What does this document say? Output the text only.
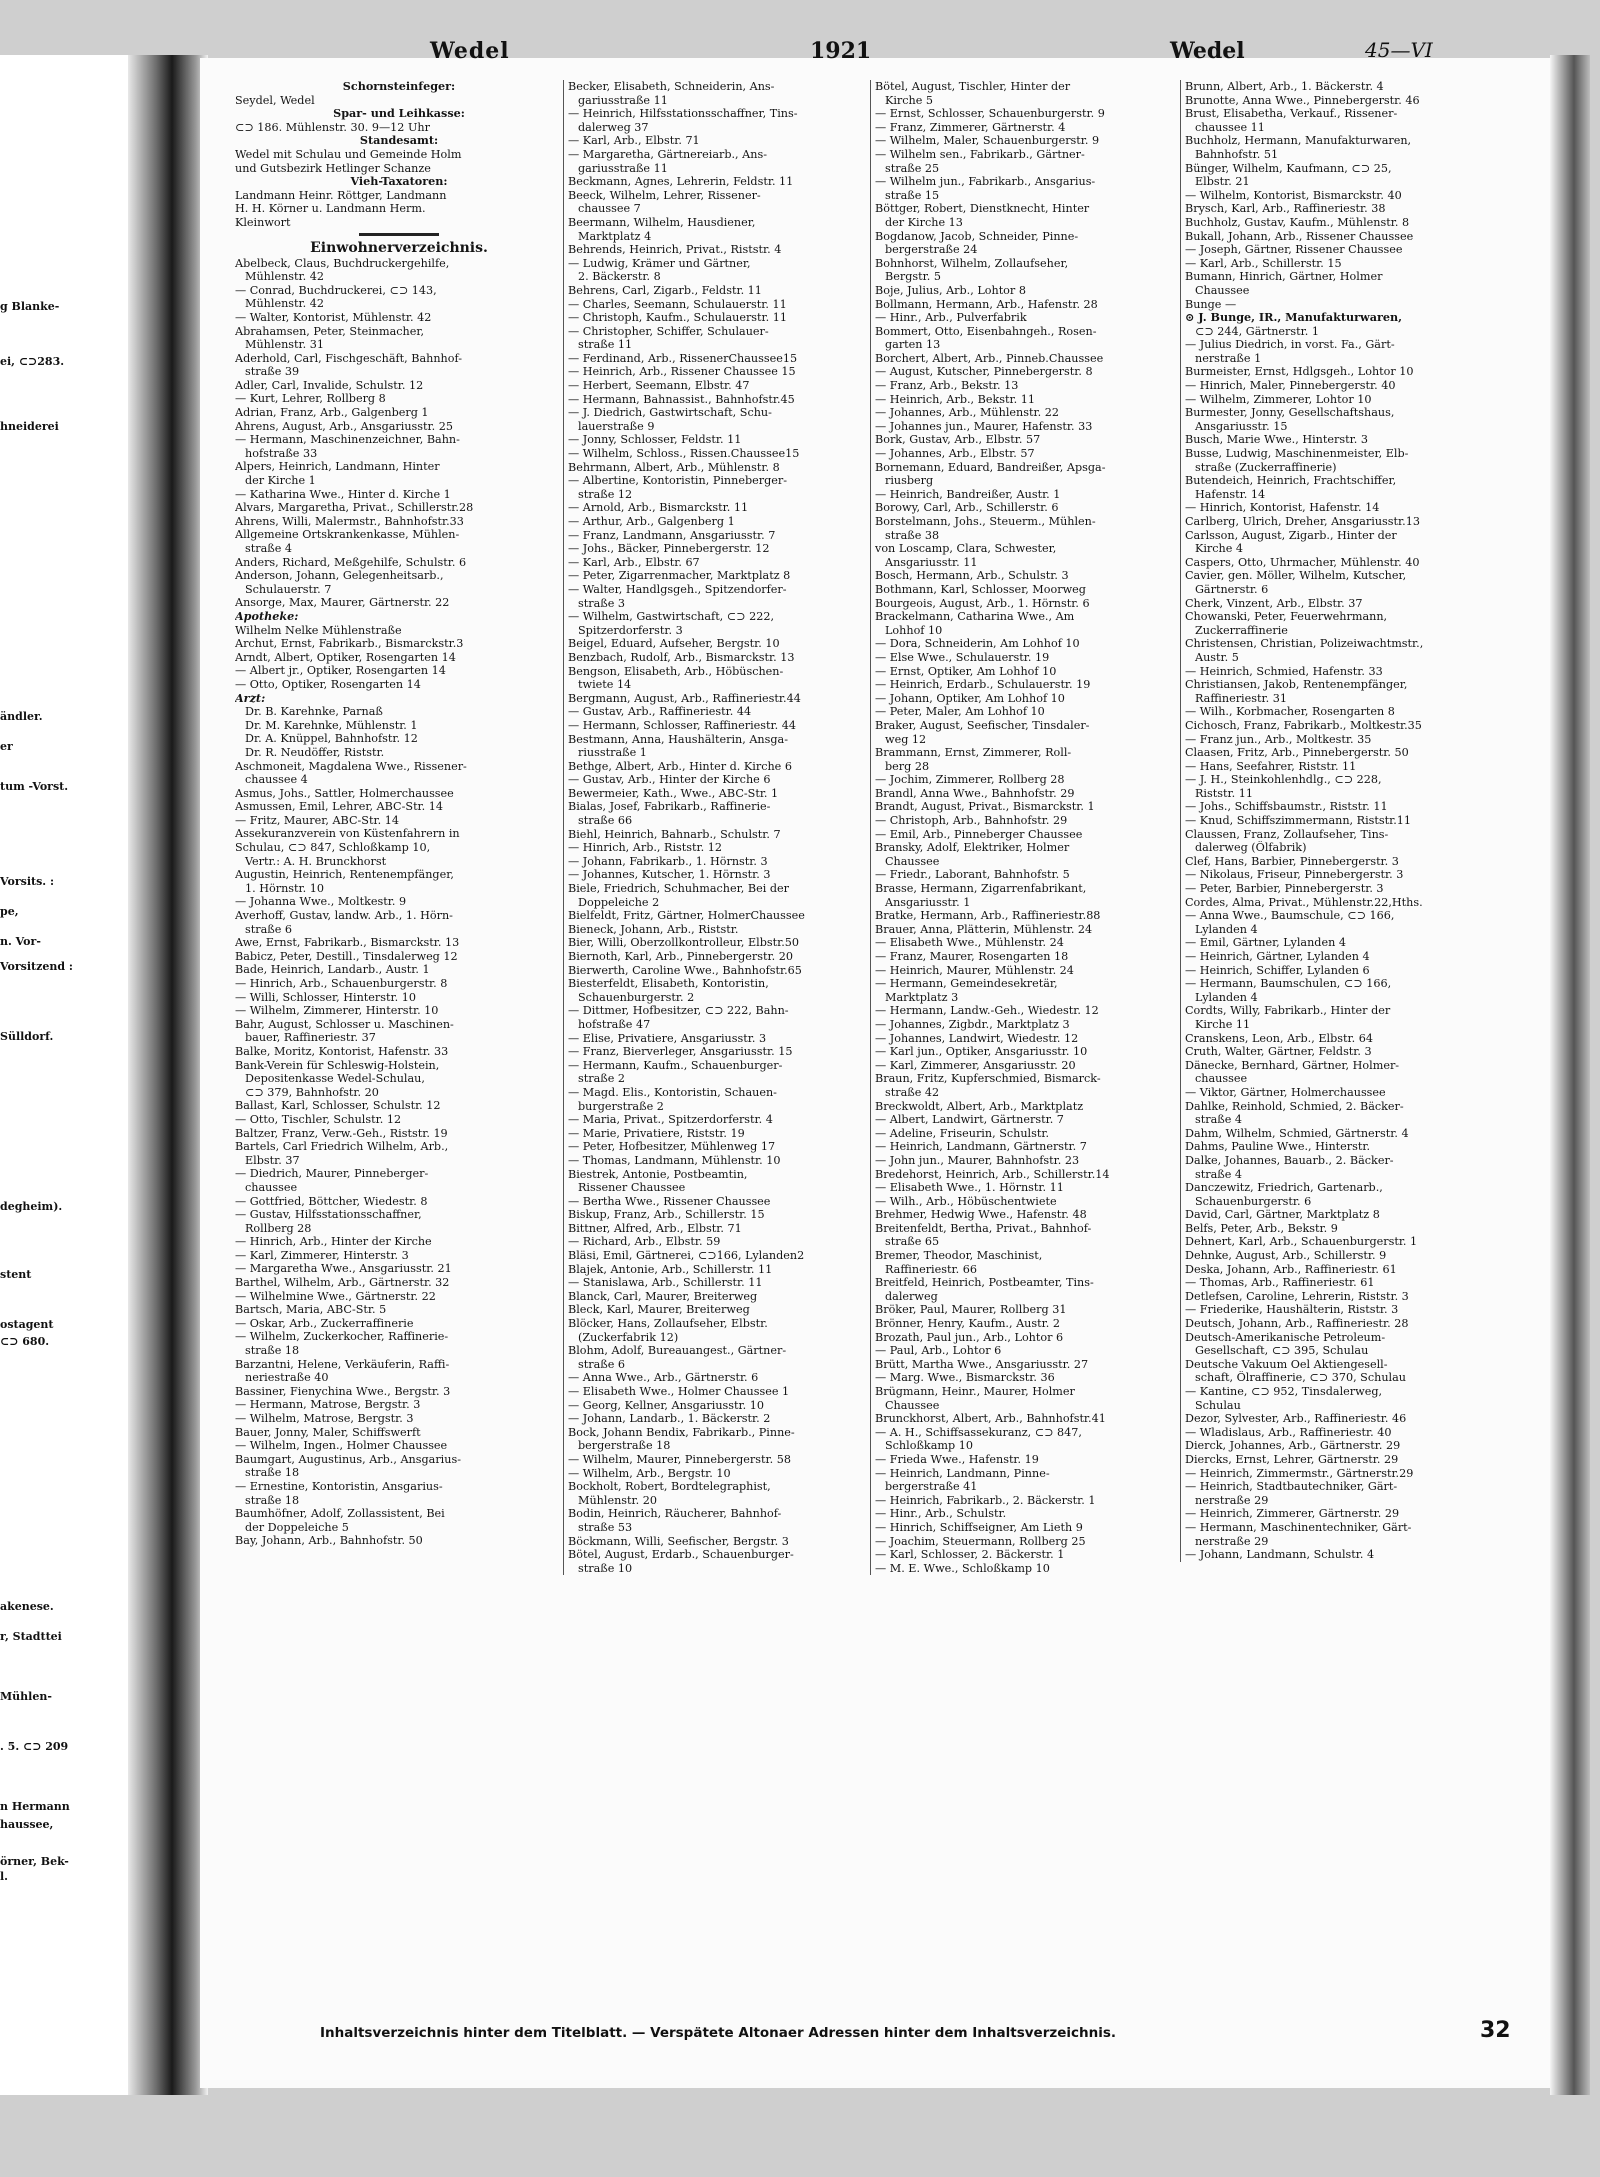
g Blanke-
ei, ⊂⊃283.
hneiderei
ändler.
er
tum -Vorst.
Vorsits. :
pe,
n. Vor-
Vorsitzend :
Sülldorf.
degheim).
stent
ostagent
⊂⊃ 680.
akenese.
r, Stadttei
Mühlen-
. 5. ⊂⊃ 209
n Hermann
haussee,
örner, Bek-
l.
Wedel	1921	Wedel	45—VI
Schornsteinfeger:
Seydel, Wedel
Spar- und Leihkasse:
⊂⊃ 186. Mühlenstr. 30. 9—12 Uhr
Standesamt:
Wedel mit Schulau und Gemeinde Holm
und Gutsbezirk Hetlinger Schanze
Vieh-Taxatoren:
Landmann Heinr. Röttger, Landmann
H. H. Körner u. Landmann Herm.
Kleinwort
Einwohnerverzeichnis.
Abelbeck, Claus, Buchdruckergehilfe,
Mühlenstr. 42
— Conrad, Buchdruckerei, ⊂⊃ 143,
Mühlenstr. 42
— Walter, Kontorist, Mühlenstr. 42
Abrahamsen, Peter, Steinmacher,
Mühlenstr. 31
Aderhold, Carl, Fischgeschäft, Bahnhof-
straße 39
Adler, Carl, Invalide, Schulstr. 12
— Kurt, Lehrer, Rollberg 8
Adrian, Franz, Arb., Galgenberg 1
Ahrens, August, Arb., Ansgariusstr. 25
— Hermann, Maschinenzeichner, Bahn-
hofstraße 33
Alpers, Heinrich, Landmann, Hinter
der Kirche 1
— Katharina Wwe., Hinter d. Kirche 1
Alvars, Margaretha, Privat., Schillerstr.28
Ahrens, Willi, Malermstr., Bahnhofstr.33
Allgemeine Ortskrankenkasse, Mühlen-
straße 4
Anders, Richard, Meßgehilfe, Schulstr. 6
Anderson, Johann, Gelegenheitsarb.,
Schulauerstr. 7
Ansorge, Max, Maurer, Gärtnerstr. 22
Apotheke:
Wilhelm Nelke Mühlenstraße
Archut, Ernst, Fabrikarb., Bismarckstr.3
Arndt, Albert, Optiker, Rosengarten 14
— Albert jr., Optiker, Rosengarten 14
— Otto, Optiker, Rosengarten 14
Arzt:
Dr. B. Karehnke, Parnaß
Dr. M. Karehnke, Mühlenstr. 1
Dr. A. Knüppel, Bahnhofstr. 12
Dr. R. Neudöffer, Riststr.
Aschmoneit, Magdalena Wwe., Rissener-
chaussee 4
Asmus, Johs., Sattler, Holmerchaussee
Asmussen, Emil, Lehrer, ABC-Str. 14
— Fritz, Maurer, ABC-Str. 14
Assekuranzverein von Küstenfahrern in
Schulau, ⊂⊃ 847, Schloßkamp 10,
Vertr.: A. H. Brunckhorst
Augustin, Heinrich, Rentenempfänger,
1. Hörnstr. 10
— Johanna Wwe., Moltkestr. 9
Averhoff, Gustav, landw. Arb., 1. Hörn-
straße 6
Awe, Ernst, Fabrikarb., Bismarckstr. 13
Babicz, Peter, Destill., Tinsdalerweg 12
Bade, Heinrich, Landarb., Austr. 1
— Hinrich, Arb., Schauenburgerstr. 8
— Willi, Schlosser, Hinterstr. 10
— Wilhelm, Zimmerer, Hinterstr. 10
Bahr, August, Schlosser u. Maschinen-
bauer, Raffineriestr. 37
Balke, Moritz, Kontorist, Hafenstr. 33
Bank-Verein für Schleswig-Holstein,
Depositenkasse Wedel-Schulau,
⊂⊃ 379, Bahnhofstr. 20
Ballast, Karl, Schlosser, Schulstr. 12
— Otto, Tischler, Schulstr. 12
Baltzer, Franz, Verw.-Geh., Riststr. 19
Bartels, Carl Friedrich Wilhelm, Arb.,
Elbstr. 37
— Diedrich, Maurer, Pinneberger-
chaussee
— Gottfried, Böttcher, Wiedestr. 8
— Gustav, Hilfsstationsschaffner,
Rollberg 28
— Hinrich, Arb., Hinter der Kirche
— Karl, Zimmerer, Hinterstr. 3
— Margaretha Wwe., Ansgariusstr. 21
Barthel, Wilhelm, Arb., Gärtnerstr. 32
— Wilhelmine Wwe., Gärtnerstr. 22
Bartsch, Maria, ABC-Str. 5
— Oskar, Arb., Zuckerraffinerie
— Wilhelm, Zuckerkocher, Raffinerie-
straße 18
Barzantni, Helene, Verkäuferin, Raffi-
neriestraße 40
Bassiner, Fienychina Wwe., Bergstr. 3
— Hermann, Matrose, Bergstr. 3
— Wilhelm, Matrose, Bergstr. 3
Bauer, Jonny, Maler, Schiffswerft
— Wilhelm, Ingen., Holmer Chaussee
Baumgart, Augustinus, Arb., Ansgarius-
straße 18
— Ernestine, Kontoristin, Ansgarius-
straße 18
Baumhöfner, Adolf, Zollassistent, Bei
der Doppeleiche 5
Bay, Johann, Arb., Bahnhofstr. 50
Becker, Elisabeth, Schneiderin, Ans-
gariusstraße 11
— Heinrich, Hilfsstationsschaffner, Tins-
dalerweg 37
— Karl, Arb., Elbstr. 71
— Margaretha, Gärtnereiarb., Ans-
gariusstraße 11
Beckmann, Agnes, Lehrerin, Feldstr. 11
Beeck, Wilhelm, Lehrer, Rissener-
chaussee 7
Beermann, Wilhelm, Hausdiener,
Marktplatz 4
Behrends, Heinrich, Privat., Riststr. 4
— Ludwig, Krämer und Gärtner,
2. Bäckerstr. 8
Behrens, Carl, Zigarb., Feldstr. 11
— Charles, Seemann, Schulauerstr. 11
— Christoph, Kaufm., Schulauerstr. 11
— Christopher, Schiffer, Schulauer-
straße 11
— Ferdinand, Arb., RissenerChaussee15
— Heinrich, Arb., Rissener Chaussee 15
— Herbert, Seemann, Elbstr. 47
— Hermann, Bahnassist., Bahnhofstr.45
— J. Diedrich, Gastwirtschaft, Schu-
lauerstraße 9
— Jonny, Schlosser, Feldstr. 11
— Wilhelm, Schloss., Rissen.Chaussee15
Behrmann, Albert, Arb., Mühlenstr. 8
— Albertine, Kontoristin, Pinneberger-
straße 12
— Arnold, Arb., Bismarckstr. 11
— Arthur, Arb., Galgenberg 1
— Franz, Landmann, Ansgariusstr. 7
— Johs., Bäcker, Pinnebergerstr. 12
— Karl, Arb., Elbstr. 67
— Peter, Zigarrenmacher, Marktplatz 8
— Walter, Handlgsgeh., Spitzendorfer-
straße 3
— Wilhelm, Gastwirtschaft, ⊂⊃ 222,
Spitzerdorferstr. 3
Beigel, Eduard, Aufseher, Bergstr. 10
Benzbach, Rudolf, Arb., Bismarckstr. 13
Bengson, Elisabeth, Arb., Höbüschen-
twiete 14
Bergmann, August, Arb., Raffineriestr.44
— Gustav, Arb., Raffineriestr. 44
— Hermann, Schlosser, Raffineriestr. 44
Bestmann, Anna, Haushälterin, Ansga-
riusstraße 1
Bethge, Albert, Arb., Hinter d. Kirche 6
— Gustav, Arb., Hinter der Kirche 6
Bewermeier, Kath., Wwe., ABC-Str. 1
Bialas, Josef, Fabrikarb., Raffinerie-
straße 66
Biehl, Heinrich, Bahnarb., Schulstr. 7
— Hinrich, Arb., Riststr. 12
— Johann, Fabrikarb., 1. Hörnstr. 3
— Johannes, Kutscher, 1. Hörnstr. 3
Biele, Friedrich, Schuhmacher, Bei der
Doppeleiche 2
Bielfeldt, Fritz, Gärtner, HolmerChaussee
Bieneck, Johann, Arb., Riststr.
Bier, Willi, Oberzollkontrolleur, Elbstr.50
Biernoth, Karl, Arb., Pinnebergerstr. 20
Bierwerth, Caroline Wwe., Bahnhofstr.65
Biesterfeldt, Elisabeth, Kontoristin,
Schauenburgerstr. 2
— Dittmer, Hofbesitzer, ⊂⊃ 222, Bahn-
hofstraße 47
— Elise, Privatiere, Ansgariusstr. 3
— Franz, Bierverleger, Ansgariusstr. 15
— Hermann, Kaufm., Schauenburger-
straße 2
— Magd. Elis., Kontoristin, Schauen-
burgerstraße 2
— Maria, Privat., Spitzerdorferstr. 4
— Marie, Privatiere, Riststr. 19
— Peter, Hofbesitzer, Mühlenweg 17
— Thomas, Landmann, Mühlenstr. 10
Biestrek, Antonie, Postbeamtin,
Rissener Chaussee
— Bertha Wwe., Rissener Chaussee
Biskup, Franz, Arb., Schillerstr. 15
Bittner, Alfred, Arb., Elbstr. 71
— Richard, Arb., Elbstr. 59
Bläsi, Emil, Gärtnerei, ⊂⊃166, Lylanden2
Blajek, Antonie, Arb., Schillerstr. 11
— Stanislawa, Arb., Schillerstr. 11
Blanck, Carl, Maurer, Breiterweg
Bleck, Karl, Maurer, Breiterweg
Blöcker, Hans, Zollaufseher, Elbstr.
(Zuckerfabrik 12)
Blohm, Adolf, Bureauangest., Gärtner-
straße 6
— Anna Wwe., Arb., Gärtnerstr. 6
— Elisabeth Wwe., Holmer Chaussee 1
— Georg, Kellner, Ansgariusstr. 10
— Johann, Landarb., 1. Bäckerstr. 2
Bock, Johann Bendix, Fabrikarb., Pinne-
bergerstraße 18
— Wilhelm, Maurer, Pinnebergerstr. 58
— Wilhelm, Arb., Bergstr. 10
Bockholt, Robert, Bordtelegraphist,
Mühlenstr. 20
Bodin, Heinrich, Räucherer, Bahnhof-
straße 53
Böckmann, Willi, Seefischer, Bergstr. 3
Bötel, August, Erdarb., Schauenburger-
straße 10
Bötel, August, Tischler, Hinter der
Kirche 5
— Ernst, Schlosser, Schauenburgerstr. 9
— Franz, Zimmerer, Gärtnerstr. 4
— Wilhelm, Maler, Schauenburgerstr. 9
— Wilhelm sen., Fabrikarb., Gärtner-
straße 25
— Wilhelm jun., Fabrikarb., Ansgarius-
straße 15
Böttger, Robert, Dienstknecht, Hinter
der Kirche 13
Bogdanow, Jacob, Schneider, Pinne-
bergerstraße 24
Bohnhorst, Wilhelm, Zollaufseher,
Bergstr. 5
Boje, Julius, Arb., Lohtor 8
Bollmann, Hermann, Arb., Hafenstr. 28
— Hinr., Arb., Pulverfabrik
Bommert, Otto, Eisenbahngeh., Rosen-
garten 13
Borchert, Albert, Arb., Pinneb.Chaussee
— August, Kutscher, Pinnebergerstr. 8
— Franz, Arb., Bekstr. 13
— Heinrich, Arb., Bekstr. 11
— Johannes, Arb., Mühlenstr. 22
— Johannes jun., Maurer, Hafenstr. 33
Bork, Gustav, Arb., Elbstr. 57
— Johannes, Arb., Elbstr. 57
Bornemann, Eduard, Bandreißer, Apsga-
riusberg
— Heinrich, Bandreißer, Austr. 1
Borowy, Carl, Arb., Schillerstr. 6
Borstelmann, Johs., Steuerm., Mühlen-
straße 38
von Loscamp, Clara, Schwester,
Ansgariusstr. 11
Bosch, Hermann, Arb., Schulstr. 3
Bothmann, Karl, Schlosser, Moorweg
Bourgeois, August, Arb., 1. Hörnstr. 6
Brackelmann, Catharina Wwe., Am
Lohhof 10
— Dora, Schneiderin, Am Lohhof 10
— Else Wwe., Schulauerstr. 19
— Ernst, Optiker, Am Lohhof 10
— Heinrich, Erdarb., Schulauerstr. 19
— Johann, Optiker, Am Lohhof 10
— Peter, Maler, Am Lohhof 10
Braker, August, Seefischer, Tinsdaler-
weg 12
Brammann, Ernst, Zimmerer, Roll-
berg 28
— Jochim, Zimmerer, Rollberg 28
Brandl, Anna Wwe., Bahnhofstr. 29
Brandt, August, Privat., Bismarckstr. 1
— Christoph, Arb., Bahnhofstr. 29
— Emil, Arb., Pinneberger Chaussee
Bransky, Adolf, Elektriker, Holmer
Chaussee
— Friedr., Laborant, Bahnhofstr. 5
Brasse, Hermann, Zigarrenfabrikant,
Ansgariusstr. 1
Bratke, Hermann, Arb., Raffineriestr.88
Brauer, Anna, Plätterin, Mühlenstr. 24
— Elisabeth Wwe., Mühlenstr. 24
— Franz, Maurer, Rosengarten 18
— Heinrich, Maurer, Mühlenstr. 24
— Hermann, Gemeindesekretär,
Marktplatz 3
— Hermann, Landw.-Geh., Wiedestr. 12
— Johannes, Zigbdr., Marktplatz 3
— Johannes, Landwirt, Wiedestr. 12
— Karl jun., Optiker, Ansgariusstr. 10
— Karl, Zimmerer, Ansgariusstr. 20
Braun, Fritz, Kupferschmied, Bismarck-
straße 42
Breckwoldt, Albert, Arb., Marktplatz
— Albert, Landwirt, Gärtnerstr. 7
— Adeline, Friseurin, Schulstr.
— Heinrich, Landmann, Gärtnerstr. 7
— John jun., Maurer, Bahnhofstr. 23
Bredehorst, Heinrich, Arb., Schillerstr.14
— Elisabeth Wwe., 1. Hörnstr. 11
— Wilh., Arb., Höbüschentwiete
Brehmer, Hedwig Wwe., Hafenstr. 48
Breitenfeldt, Bertha, Privat., Bahnhof-
straße 65
Bremer, Theodor, Maschinist,
Raffineriestr. 66
Breitfeld, Heinrich, Postbeamter, Tins-
dalerweg
Bröker, Paul, Maurer, Rollberg 31
Brönner, Henry, Kaufm., Austr. 2
Brozath, Paul jun., Arb., Lohtor 6
— Paul, Arb., Lohtor 6
Brütt, Martha Wwe., Ansgariusstr. 27
— Marg. Wwe., Bismarckstr. 36
Brügmann, Heinr., Maurer, Holmer
Chaussee
Brunckhorst, Albert, Arb., Bahnhofstr.41
— A. H., Schiffsassekuranz, ⊂⊃ 847,
Schloßkamp 10
— Frieda Wwe., Hafenstr. 19
— Heinrich, Landmann, Pinne-
bergerstraße 41
— Heinrich, Fabrikarb., 2. Bäckerstr. 1
— Hinr., Arb., Schulstr.
— Hinrich, Schiffseigner, Am Lieth 9
— Joachim, Steuermann, Rollberg 25
— Karl, Schlosser, 2. Bäckerstr. 1
— M. E. Wwe., Schloßkamp 10
Brunn, Albert, Arb., 1. Bäckerstr. 4
Brunotte, Anna Wwe., Pinnebergerstr. 46
Brust, Elisabetha, Verkauf., Rissener-
chaussee 11
Buchholz, Hermann, Manufakturwaren,
Bahnhofstr. 51
Bünger, Wilhelm, Kaufmann, ⊂⊃ 25,
Elbstr. 21
— Wilhelm, Kontorist, Bismarckstr. 40
Brysch, Karl, Arb., Raffineriestr. 38
Buchholz, Gustav, Kaufm., Mühlenstr. 8
Bukall, Johann, Arb., Rissener Chaussee
— Joseph, Gärtner, Rissener Chaussee
— Karl, Arb., Schillerstr. 15
Bumann, Hinrich, Gärtner, Holmer
Chaussee
Bunge —
⊙ J. Bunge, IR., Manufakturwaren,
⊂⊃ 244, Gärtnerstr. 1
— Julius Diedrich, in vorst. Fa., Gärt-
nerstraße 1
Burmeister, Ernst, Hdlgsgeh., Lohtor 10
— Hinrich, Maler, Pinnebergerstr. 40
— Wilhelm, Zimmerer, Lohtor 10
Burmester, Jonny, Gesellschaftshaus,
Ansgariusstr. 15
Busch, Marie Wwe., Hinterstr. 3
Busse, Ludwig, Maschinenmeister, Elb-
straße (Zuckerraffinerie)
Butendeich, Heinrich, Frachtschiffer,
Hafenstr. 14
— Hinrich, Kontorist, Hafenstr. 14
Carlberg, Ulrich, Dreher, Ansgariusstr.13
Carlsson, August, Zigarb., Hinter der
Kirche 4
Caspers, Otto, Uhrmacher, Mühlenstr. 40
Cavier, gen. Möller, Wilhelm, Kutscher,
Gärtnerstr. 6
Cherk, Vinzent, Arb., Elbstr. 37
Chowanski, Peter, Feuerwehrmann,
Zuckerraffinerie
Christensen, Christian, Polizeiwachtmstr.,
Austr. 5
— Heinrich, Schmied, Hafenstr. 33
Christiansen, Jakob, Rentenempfänger,
Raffineriestr. 31
— Wilh., Korbmacher, Rosengarten 8
Cichosch, Franz, Fabrikarb., Moltkestr.35
— Franz jun., Arb., Moltkestr. 35
Claasen, Fritz, Arb., Pinnebergerstr. 50
— Hans, Seefahrer, Riststr. 11
— J. H., Steinkohlenhdlg., ⊂⊃ 228,
Riststr. 11
— Johs., Schiffsbaumstr., Riststr. 11
— Knud, Schiffszimmermann, Riststr.11
Claussen, Franz, Zollaufseher, Tins-
dalerweg (Ölfabrik)
Clef, Hans, Barbier, Pinnebergerstr. 3
— Nikolaus, Friseur, Pinnebergerstr. 3
— Peter, Barbier, Pinnebergerstr. 3
Cordes, Alma, Privat., Mühlenstr.22,Hths.
— Anna Wwe., Baumschule, ⊂⊃ 166,
Lylanden 4
— Emil, Gärtner, Lylanden 4
— Heinrich, Gärtner, Lylanden 4
— Heinrich, Schiffer, Lylanden 6
— Hermann, Baumschulen, ⊂⊃ 166,
Lylanden 4
Cordts, Willy, Fabrikarb., Hinter der
Kirche 11
Cranskens, Leon, Arb., Elbstr. 64
Cruth, Walter, Gärtner, Feldstr. 3
Dänecke, Bernhard, Gärtner, Holmer-
chaussee
— Viktor, Gärtner, Holmerchaussee
Dahlke, Reinhold, Schmied, 2. Bäcker-
straße 4
Dahm, Wilhelm, Schmied, Gärtnerstr. 4
Dahms, Pauline Wwe., Hinterstr.
Dalke, Johannes, Bauarb., 2. Bäcker-
straße 4
Danczewitz, Friedrich, Gartenarb.,
Schauenburgerstr. 6
David, Carl, Gärtner, Marktplatz 8
Belfs, Peter, Arb., Bekstr. 9
Dehnert, Karl, Arb., Schauenburgerstr. 1
Dehnke, August, Arb., Schillerstr. 9
Deska, Johann, Arb., Raffineriestr. 61
— Thomas, Arb., Raffineriestr. 61
Detlefsen, Caroline, Lehrerin, Riststr. 3
— Friederike, Haushälterin, Riststr. 3
Deutsch, Johann, Arb., Raffineriestr. 28
Deutsch-Amerikanische Petroleum-
Gesellschaft, ⊂⊃ 395, Schulau
Deutsche Vakuum Oel Aktiengesell-
schaft, Ölraffinerie, ⊂⊃ 370, Schulau
— Kantine, ⊂⊃ 952, Tinsdalerweg,
Schulau
Dezor, Sylvester, Arb., Raffineriestr. 46
— Wladislaus, Arb., Raffineriestr. 40
Dierck, Johannes, Arb., Gärtnerstr. 29
Diercks, Ernst, Lehrer, Gärtnerstr. 29
— Heinrich, Zimmermstr., Gärtnerstr.29
— Heinrich, Stadtbautechniker, Gärt-
nerstraße 29
— Heinrich, Zimmerer, Gärtnerstr. 29
— Hermann, Maschinentechniker, Gärt-
nerstraße 29
— Johann, Landmann, Schulstr. 4
Inhaltsverzeichnis hinter dem Titelblatt. — Verspätete Altonaer Adressen hinter dem Inhaltsverzeichnis.	32
